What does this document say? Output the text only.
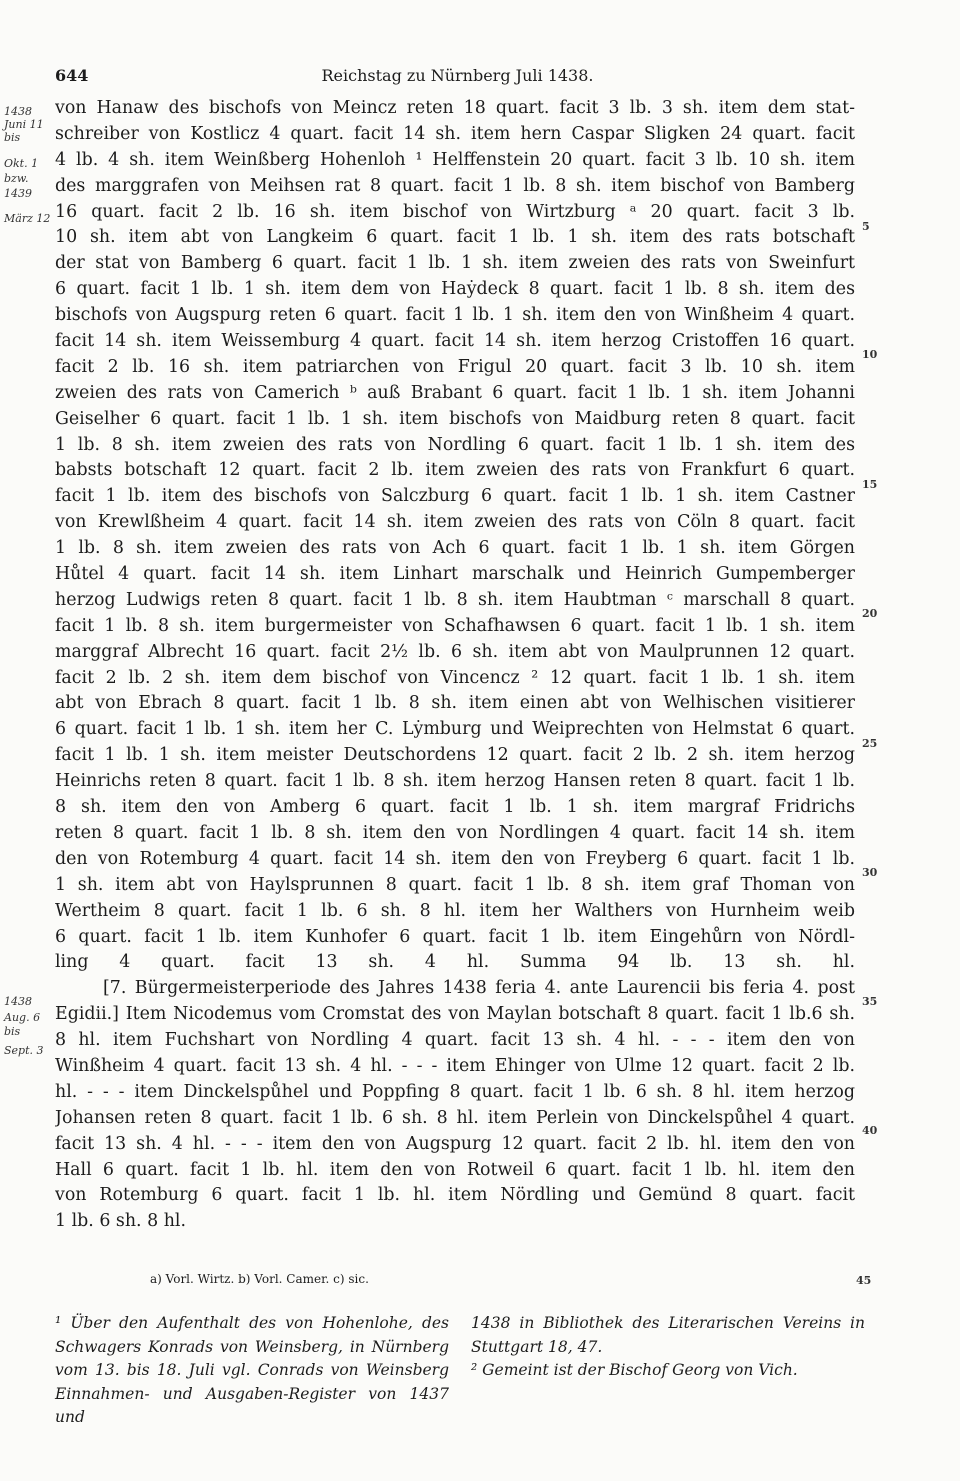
644	Reichstag zu Nürnberg Juli 1438.
1438
Juni 11
bis
Okt. 1
bzw.
1439
März 12
1438
Aug. 6
bis
Sept. 3
5
10
15
20
25
30
35
40
von Hanaw des bischofs von Meincz reten 18 quart. facit 3 lb. 3 sh. item dem stat-
schreiber von Kostlicz 4 quart. facit 14 sh. item hern Caspar Sligken 24 quart. facit
4 lb. 4 sh. item Weinßberg Hohenloh ¹ Helffenstein 20 quart. facit 3 lb. 10 sh. item
des marggrafen von Meihsen rat 8 quart. facit 1 lb. 8 sh. item bischof von Bamberg
16 quart. facit 2 lb. 16 sh. item bischof von Wirtzburg ᵃ 20 quart. facit 3 lb.
10 sh. item abt von Langkeim 6 quart. facit 1 lb. 1 sh. item des rats botschaft
der stat von Bamberg 6 quart. facit 1 lb. 1 sh. item zweien des rats von Sweinfurt
6 quart. facit 1 lb. 1 sh. item dem von Haẏdeck 8 quart. facit 1 lb. 8 sh. item des
bischofs von Augspurg reten 6 quart. facit 1 lb. 1 sh. item den von Winßheim 4 quart.
facit 14 sh. item Weissemburg 4 quart. facit 14 sh. item herzog Cristoffen 16 quart.
facit 2 lb. 16 sh. item patriarchen von Frigul 20 quart. facit 3 lb. 10 sh. item
zweien des rats von Camerich ᵇ auß Brabant 6 quart. facit 1 lb. 1 sh. item Johanni
Geiselher 6 quart. facit 1 lb. 1 sh. item bischofs von Maidburg reten 8 quart. facit
1 lb. 8 sh. item zweien des rats von Nordling 6 quart. facit 1 lb. 1 sh. item des
babsts botschaft 12 quart. facit 2 lb. item zweien des rats von Frankfurt 6 quart.
facit 1 lb. item des bischofs von Salczburg 6 quart. facit 1 lb. 1 sh. item Castner
von Krewlßheim 4 quart. facit 14 sh. item zweien des rats von Cöln 8 quart. facit
1 lb. 8 sh. item zweien des rats von Ach 6 quart. facit 1 lb. 1 sh. item Görgen
Hůtel 4 quart. facit 14 sh. item Linhart marschalk und Heinrich Gumpemberger
herzog Ludwigs reten 8 quart. facit 1 lb. 8 sh. item Haubtman ᶜ marschall 8 quart.
facit 1 lb. 8 sh. item burgermeister von Schafhawsen 6 quart. facit 1 lb. 1 sh. item
marggraf Albrecht 16 quart. facit 2½ lb. 6 sh. item abt von Maulprunnen 12 quart.
facit 2 lb. 2 sh. item dem bischof von Vincencz ² 12 quart. facit 1 lb. 1 sh. item
abt von Ebrach 8 quart. facit 1 lb. 8 sh. item einen abt von Welhischen visitierer
6 quart. facit 1 lb. 1 sh. item her C. Lẏmburg und Weiprechten von Helmstat 6 quart.
facit 1 lb. 1 sh. item meister Deutschordens 12 quart. facit 2 lb. 2 sh. item herzog
Heinrichs reten 8 quart. facit 1 lb. 8 sh. item herzog Hansen reten 8 quart. facit 1 lb.
8 sh. item den von Amberg 6 quart. facit 1 lb. 1 sh. item margraf Fridrichs
reten 8 quart. facit 1 lb. 8 sh. item den von Nordlingen 4 quart. facit 14 sh. item
den von Rotemburg 4 quart. facit 14 sh. item den von Freyberg 6 quart. facit 1 lb.
1 sh. item abt von Haylsprunnen 8 quart. facit 1 lb. 8 sh. item graf Thoman von
Wertheim 8 quart. facit 1 lb. 6 sh. 8 hl. item her Walthers von Hurnheim weib
6 quart. facit 1 lb. item Kunhofer 6 quart. facit 1 lb. item Eingehůrn von Nördl-
ling 4 quart. facit 13 sh. 4 hl. Summa 94 lb. 13 sh. hl.
[7. Bürgermeisterperiode des Jahres 1438 feria 4. ante Laurencii bis feria 4. post
Egidii.] Item Nicodemus vom Cromstat des von Maylan botschaft 8 quart. facit 1 lb.6 sh.
8 hl. item Fuchshart von Nordling 4 quart. facit 13 sh. 4 hl. - - - item den von
Winßheim 4 quart. facit 13 sh. 4 hl. - - - item Ehinger von Ulme 12 quart. facit 2 lb.
hl. - - - item Dinckelspůhel und Poppfing 8 quart. facit 1 lb. 6 sh. 8 hl. item herzog
Johansen reten 8 quart. facit 1 lb. 6 sh. 8 hl. item Perlein von Dinckelspůhel 4 quart.
facit 13 sh. 4 hl. - - - item den von Augspurg 12 quart. facit 2 lb. hl. item den von
Hall 6 quart. facit 1 lb. hl. item den von Rotweil 6 quart. facit 1 lb. hl. item den
von Rotemburg 6 quart. facit 1 lb. hl. item Nördling und Gemünd 8 quart. facit
1 lb. 6 sh. 8 hl.
a) Vorl. Wirtz. b) Vorl. Camer. c) sic.	45

¹ Über den Aufenthalt des von Hohenlohe, des Schwagers Konrads von Weinsberg, in Nürnberg vom 13. bis 18. Juli vgl. Conrads von Weinsberg Einnahmen- und Ausgaben-Register von 1437 und

1438 in Bibliothek des Literarischen Vereins in Stuttgart 18, 47.

² Gemeint ist der Bischof Georg von Vich.
